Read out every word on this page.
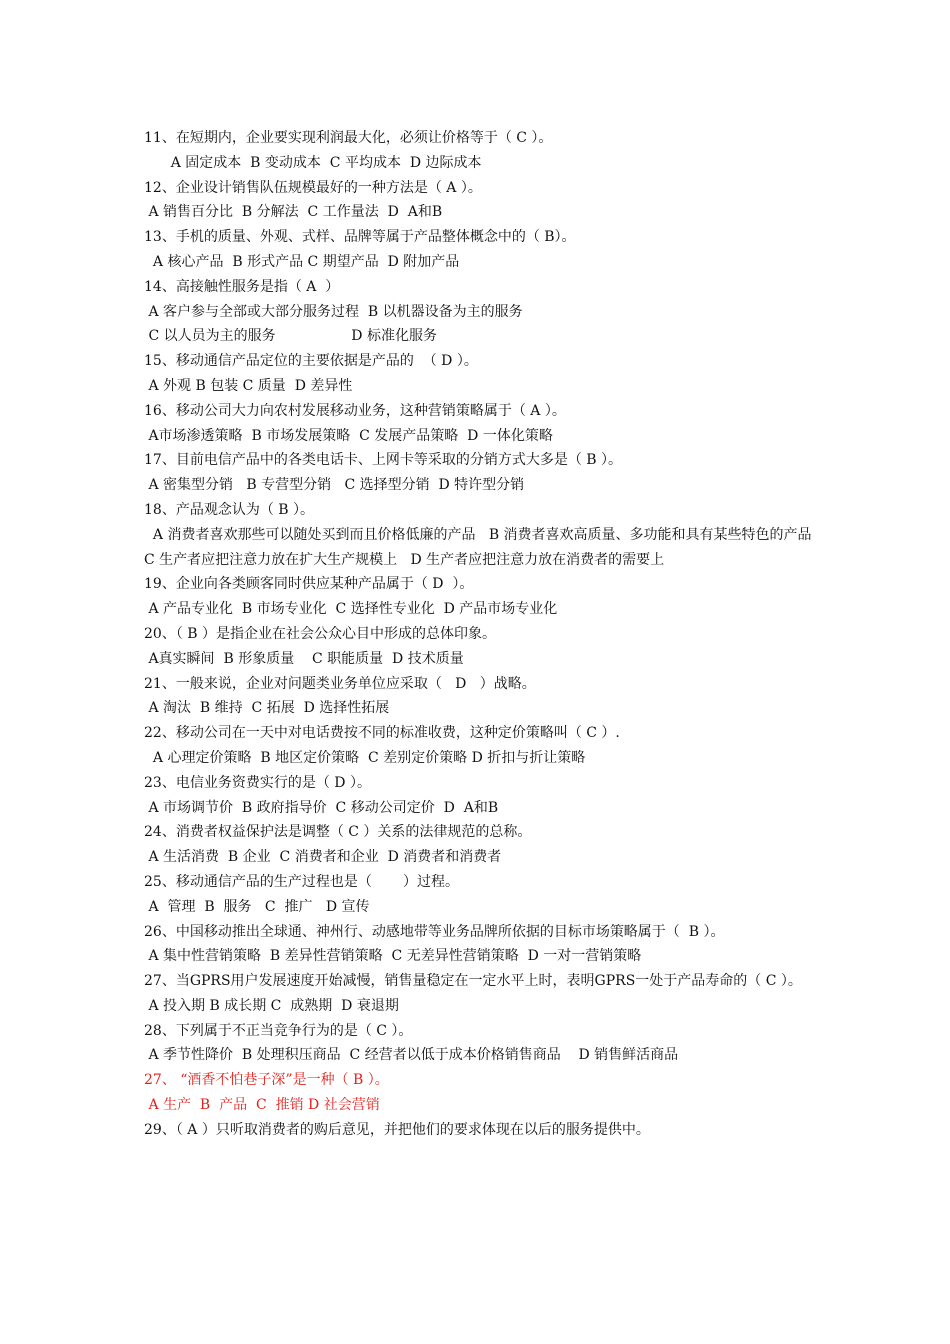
11、在短期内，企业要实现利润最大化，必须让价格等于（ C ）。
A 固定成本  B 变动成本  C 平均成本  D 边际成本
12、企业设计销售队伍规模最好的一种方法是（ A ）。
A 销售百分比  B 分解法  C 工作量法  D  A和B
13、手机的质量、外观、式样、品牌等属于产品整体概念中的（ B）。
A 核心产品  B 形式产品 C 期望产品  D 附加产品
14、高接触性服务是指（ A  ）
A 客户参与全部或大部分服务过程  B 以机器设备为主的服务
C 以人员为主的服务                 D 标准化服务
15、移动通信产品定位的主要依据是产品的  （ D ）。
A 外观 B 包装 C 质量  D 差异性
16、移动公司大力向农村发展移动业务，这种营销策略属于（ A ）。
A市场渗透策略  B 市场发展策略  C 发展产品策略  D 一体化策略
17、目前电信产品中的各类电话卡、上网卡等采取的分销方式大多是（ B ）。
A 密集型分销   B 专营型分销   C 选择型分销  D 特许型分销
18、产品观念认为（ B ）。
A 消费者喜欢那些可以随处买到而且价格低廉的产品   B 消费者喜欢高质量、多功能和具有某些特色的产品     C 生产者应把注意力放在扩大生产规模上   D 生产者应把注意力放在消费者的需要上
19、企业向各类顾客同时供应某种产品属于（ D  ）。
A 产品专业化  B 市场专业化  C 选择性专业化  D 产品市场专业化
20、（ B ）是指企业在社会公众心目中形成的总体印象。
A真实瞬间  B 形象质量    C 职能质量  D 技术质量
21、一般来说，企业对问题类业务单位应采取（   D   ）战略。
A 淘汰  B 维持  C 拓展  D 选择性拓展
22、移动公司在一天中对电话费按不同的标准收费，这种定价策略叫（ C ）.
A 心理定价策略  B 地区定价策略  C 差别定价策略 D 折扣与折让策略
23、电信业务资费实行的是（ D ）。
A 市场调节价  B 政府指导价  C 移动公司定价  D  A和B
24、消费者权益保护法是调整（ C ）关系的法律规范的总称。
A 生活消费  B 企业  C 消费者和企业  D 消费者和消费者
25、移动通信产品的生产过程也是（       ）过程。
A  管理  B  服务   C  推广   D 宣传
26、中国移动推出全球通、神州行、动感地带等业务品牌所依据的目标市场策略属于（  B ）。
A 集中性营销策略  B 差异性营销策略  C 无差异性营销策略  D 一对一营销策略
27、当GPRS用户发展速度开始减慢，销售量稳定在一定水平上时，表明GPRS一处于产品寿命的（ C ）。
A 投入期 B 成长期 C  成熟期  D 衰退期
28、下列属于不正当竞争行为的是（ C ）。
A 季节性降价  B 处理积压商品  C 经营者以低于成本价格销售商品    D 销售鲜活商品
27、 “酒香不怕巷子深”是一种（ B ）。
A 生产  B  产品  C  推销 D 社会营销
29、（ A ）只听取消费者的购后意见，并把他们的要求体现在以后的服务提供中。
